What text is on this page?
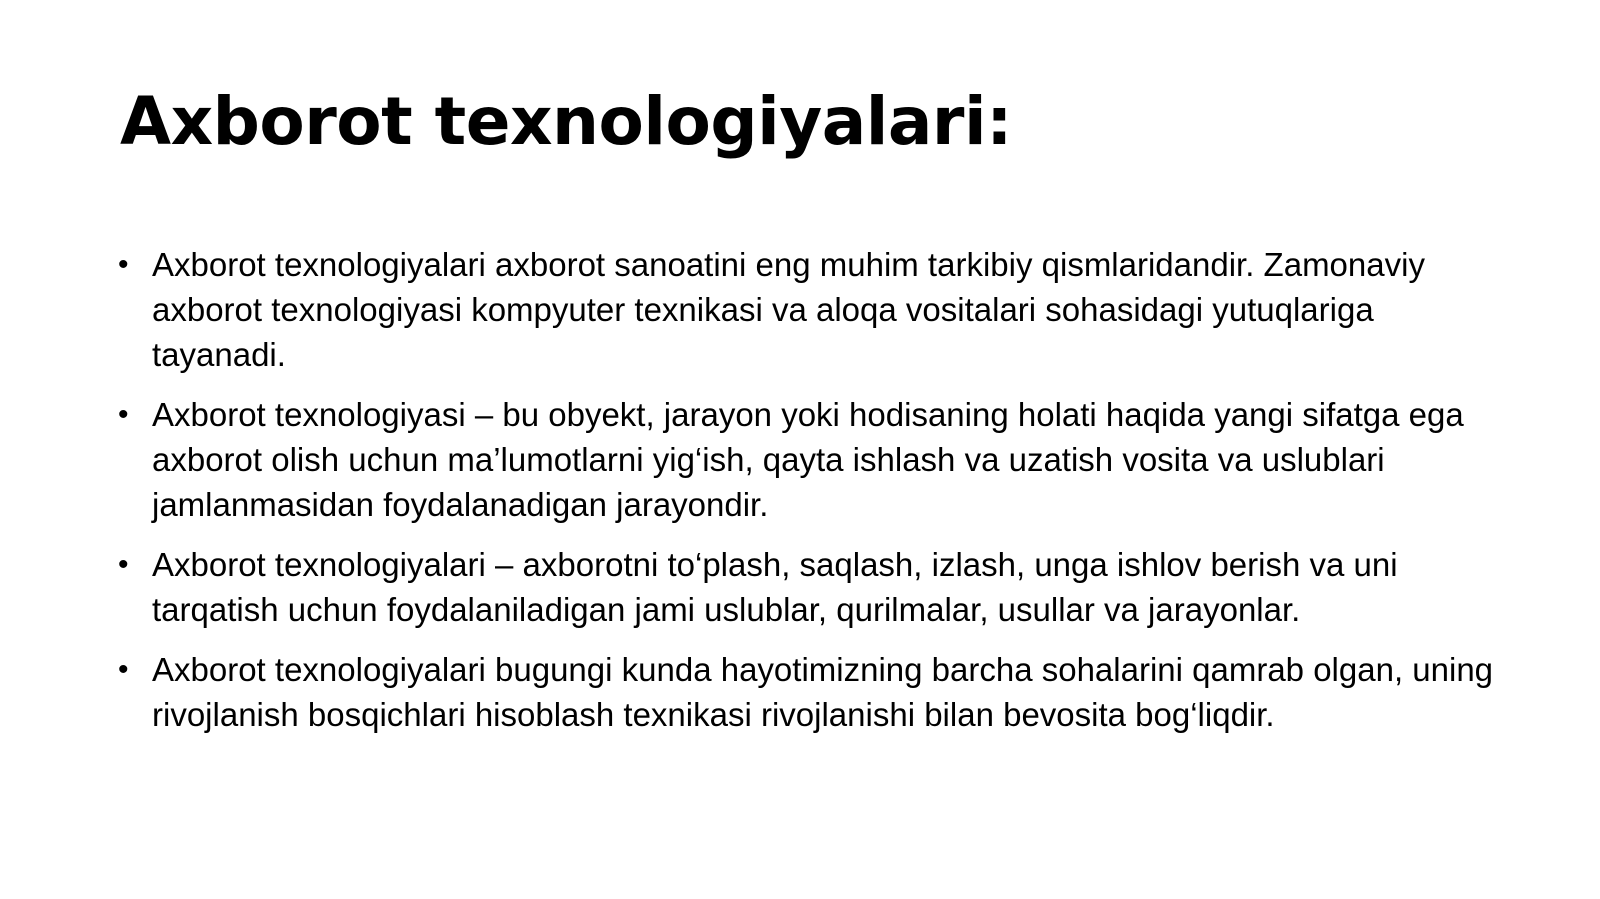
Axborot texnologiyalari:
• Axborot texnologiyalari axborot sanoatini eng muhim tarkibiy qismlaridandir. Zamonaviy axborot texnologiyasi kompyuter texnikasi va aloqa vositalari sohasidagi yutuqlariga tayanadi.
• Axborot texnologiyasi – bu obyekt, jarayon yoki hodisaning holati haqida yangi sifatga ega axborot olish uchun ma’lumotlarni yig‘ish, qayta ishlash va uzatish vosita va uslublari jamlanmasidan foydalanadigan jarayondir.
• Axborot texnologiyalari – axborotni to‘plash, saqlash, izlash, unga ishlov berish va uni tarqatish uchun foydalaniladigan jami uslublar, qurilmalar, usullar va jarayonlar.
• Axborot texnologiyalari bugungi kunda hayotimizning barcha sohalarini qamrab olgan, uning rivojlanish bosqichlari hisoblash texnikasi rivojlanishi bilan bevosita bog‘liqdir.
